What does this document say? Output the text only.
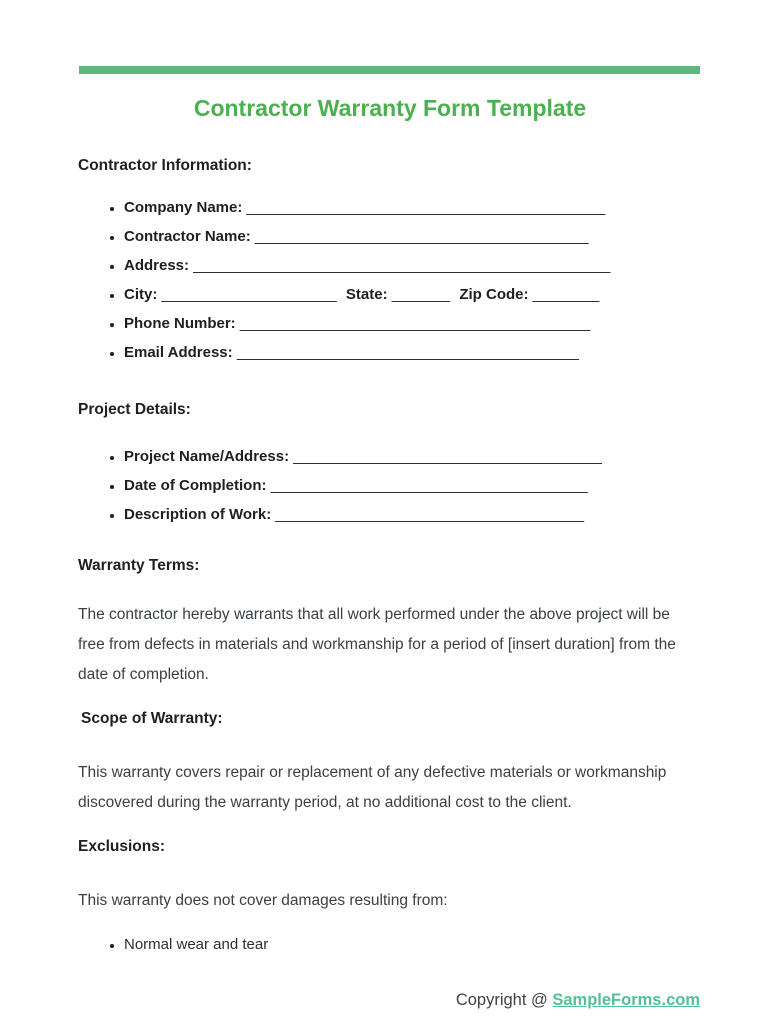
Contractor Warranty Form Template
Contractor Information:
• Company Name: ___________________________________________
• Contractor Name: ________________________________________
• Address: __________________________________________________
• City: _____________________ State: _______ Zip Code: ________
• Phone Number: __________________________________________
• Email Address: _________________________________________
Project Details:
• Project Name/Address: _____________________________________
• Date of Completion: ______________________________________
• Description of Work: _____________________________________
Warranty Terms:

The contractor hereby warrants that all work performed under the above project will be free from defects in materials and workmanship for a period of [insert duration] from the date of completion.

Scope of Warranty:

This warranty covers repair or replacement of any defective materials or workmanship discovered during the warranty period, at no additional cost to the client.

Exclusions:

This warranty does not cover damages resulting from:

• Normal wear and tear
Copyright @ SampleForms.com
